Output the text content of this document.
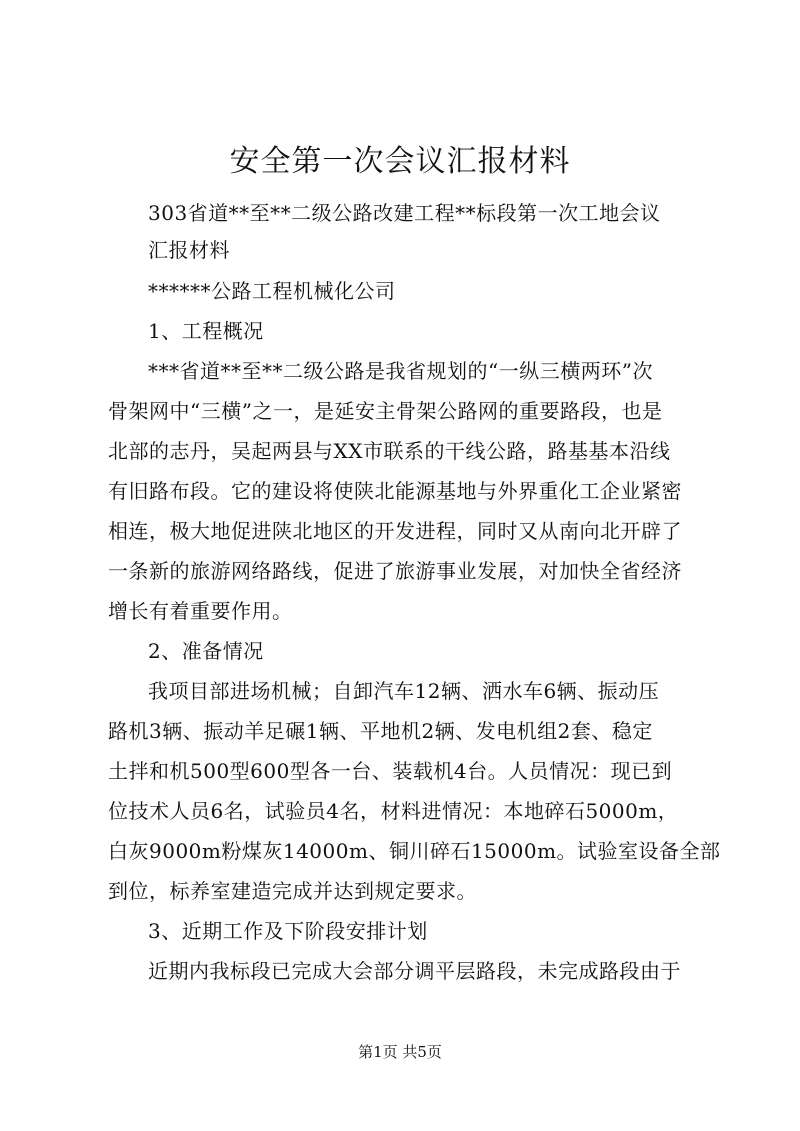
安全第一次会议汇报材料
303省道**至**二级公路改建工程**标段第一次工地会议
汇报材料
******公路工程机械化公司
1、工程概况
***省道**至**二级公路是我省规划的“一纵三横两环”次
骨架网中“三横”之一，是延安主骨架公路网的重要路段，也是
北部的志丹，吴起两县与XX市联系的干线公路，路基基本沿线
有旧路布段。它的建设将使陕北能源基地与外界重化工企业紧密
相连，极大地促进陕北地区的开发进程，同时又从南向北开辟了
一条新的旅游网络路线，促进了旅游事业发展，对加快全省经济
增长有着重要作用。
2、准备情况
我项目部进场机械；自卸汽车12辆、洒水车6辆、振动压
路机3辆、振动羊足碾1辆、平地机2辆、发电机组2套、稳定
土拌和机500型600型各一台、装载机4台。人员情况：现已到
位技术人员6名，试验员4名，材料进情况：本地碎石5000m，
白灰9000m粉煤灰14000m、铜川碎石15000m。试验室设备全部
到位，标养室建造完成并达到规定要求。
3、近期工作及下阶段安排计划
近期内我标段已完成大会部分调平层路段，未完成路段由于
第1页 共5页
